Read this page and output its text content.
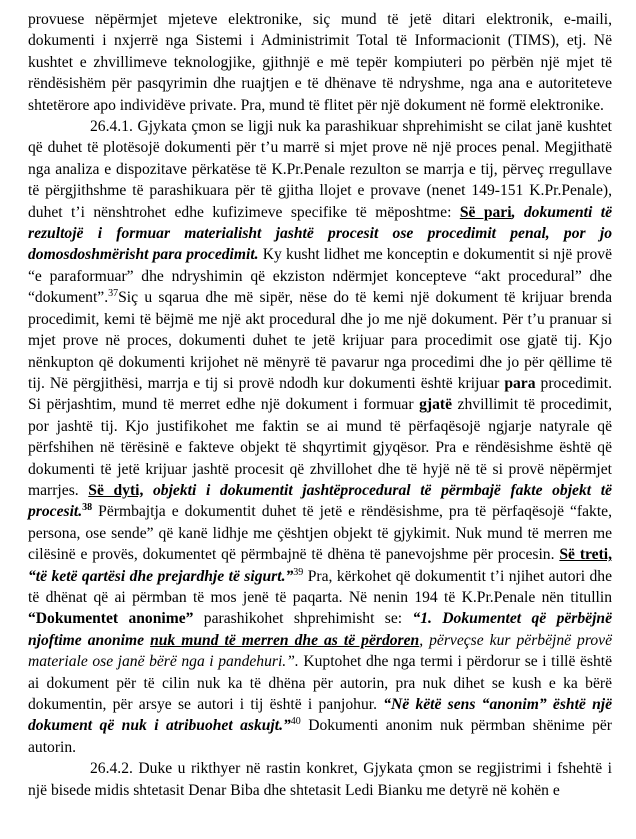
provuese nëpërmjet mjeteve elektronike, siç mund të jetë ditari elektronik, e-maili, dokumenti i nxjerrë nga Sistemi i Administrimit Total të Informacionit (TIMS), etj. Në kushtet e zhvillimeve teknologjike, gjithnjë e më tepër kompiuteri po përbën një mjet të rëndësishëm për pasqyrimin dhe ruajtjen e të dhënave të ndryshme, nga ana e autoriteteve shtetërore apo individëve private. Pra, mund të flitet për një dokument në formë elektronike.

26.4.1. Gjykata çmon se ligji nuk ka parashikuar shprehimisht se cilat janë kushtet që duhet të plotësojë dokumenti për t’u marrë si mjet prove në një proces penal. Megjithatë nga analiza e dispozitave përkatëse të K.Pr.Penale rezulton se marrja e tij, përveç rregullave të përgjithshme të parashikuara për të gjitha llojet e provave (nenet 149-151 K.Pr.Penale), duhet t’i nënshtrohet edhe kufizimeve specifike të mëposhtme: Së pari, dokumenti të rezultojë i formuar materialisht jashtë procesit ose procedimit penal, por jo domosdoshmërisht para procedimit. Ky kusht lidhet me konceptin e dokumentit si një provë “e paraformuar” dhe ndryshimin që ekziston ndërmjet koncepteve “akt procedural” dhe “dokument”.$^{37}$Siç u sqarua dhe më sipër, nëse do të kemi një dokument të krijuar brenda procedimit, kemi të bëjmë me një akt procedural dhe jo me një dokument. Për t’u pranuar si mjet prove në proces, dokumenti duhet te jetë krijuar para procedimit ose gjatë tij. Kjo nënkupton që dokumenti krijohet në mënyrë të pavarur nga procedimi dhe jo për qëllime të tij. Në përgjithësi, marrja e tij si provë ndodh kur dokumenti është krijuar para procedimit. Si përjashtim, mund të merret edhe një dokument i formuar gjatë zhvillimit të procedimit, por jashtë tij. Kjo justifikohet me faktin se ai mund të përfaqësojë ngjarje natyrale që përfshihen në tërësinë e fakteve objekt të shqyrtimit gjyqësor. Pra e rëndësishme është që dokumenti të jetë krijuar jashtë procesit që zhvillohet dhe të hyjë në të si provë nëpërmjet marrjes. Së dyti, objekti i dokumentit jashtëprocedural të përmbajë fakte objekt të procesit.$^{38}$ Përmbajtja e dokumentit duhet të jetë e rëndësishme, pra të përfaqësojë “fakte, persona, ose sende” që kanë lidhje me çështjen objekt të gjykimit. Nuk mund të merren me cilësinë e provës, dokumentet që përmbajnë të dhëna të panevojshme për procesin. Së treti, “të ketë qartësi dhe prejardhje të sigurt.”$^{39}$ Pra, kërkohet që dokumentit t’i njihet autori dhe të dhënat që ai përmban të mos jenë të paqarta. Në nenin 194 të K.Pr.Penale nën titullin “Dokumentet anonime” parashikohet shprehimisht se: “1. Dokumentet që përbëjnë njoftime anonime nuk mund të merren dhe as të përdoren, përveçse kur përbëjnë provë materiale ose janë bërë nga i pandehuri.”. Kuptohet dhe nga termi i përdorur se i tillë është ai dokument për të cilin nuk ka të dhëna për autorin, pra nuk dihet se kush e ka bërë dokumentin, për arsye se autori i tij është i panjohur. “Në këtë sens “anonim” është një dokument që nuk i atribuohet askujt.”$^{40}$ Dokumenti anonim nuk përmban shënime për autorin.

26.4.2. Duke u rikthyer në rastin konkret, Gjykata çmon se regjistrimi i fshehtë i një bisede midis shtetasit Denar Biba dhe shtetasit Ledi Bianku me detyrë në kohën e
